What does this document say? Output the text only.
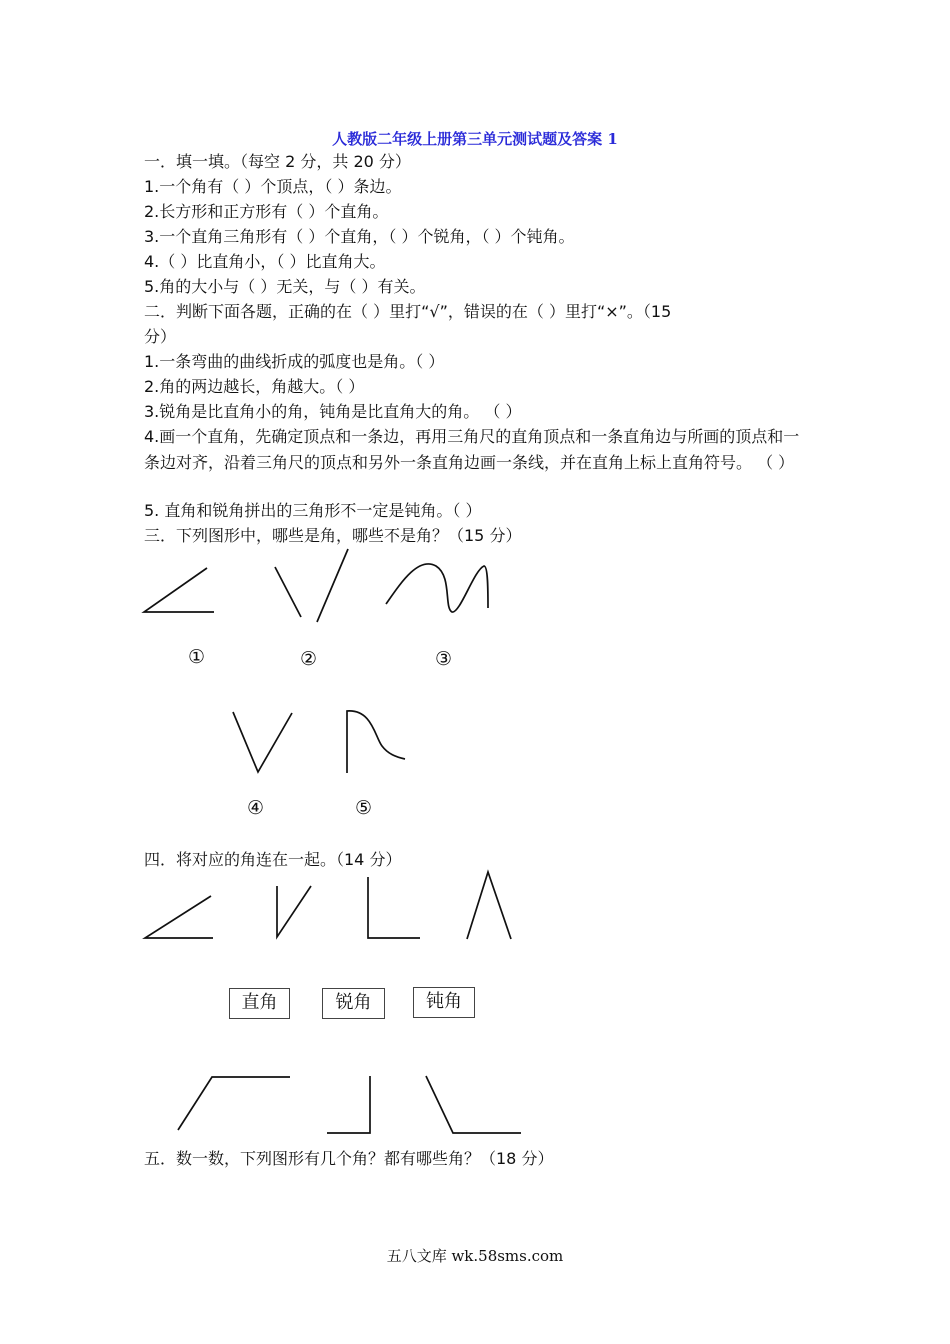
人教版二年级上册第三单元测试题及答案 1
一．填一填。（每空 2 分，共 20 分）
1.一个角有（ ）个顶点，（ ）条边。
2.长方形和正方形有（ ）个直角。
3.一个直角三角形有（ ）个直角，（ ）个锐角，（ ）个钝角。
4.（ ）比直角小，（ ）比直角大。
5.角的大小与（ ）无关，与（ ）有关。
二．判断下面各题，正确的在（ ）里打“√”，错误的在（ ）里打“×”。（15
分）
1.一条弯曲的曲线折成的弧度也是角。（ ）
2.角的两边越长，角越大。（ ）
3.锐角是比直角小的角，钝角是比直角大的角。 （ ）
4.画一个直角，先确定顶点和一条边，再用三角尺的直角顶点和一条直角边与所画的顶点和一条边对齐，沿着三角尺的顶点和另外一条直角边画一条线，并在直角上标上直角符号。 （ ）
5. 直角和锐角拼出的三角形不一定是钝角。（ ）
三．下列图形中，哪些是角，哪些不是角？（15 分）
①	②	③
④	⑤
四．将对应的角连在一起。（14 分）
直角	锐角	钝角
五．数一数，下列图形有几个角？都有哪些角？（18 分）
五八文库 wk.58sms.com
